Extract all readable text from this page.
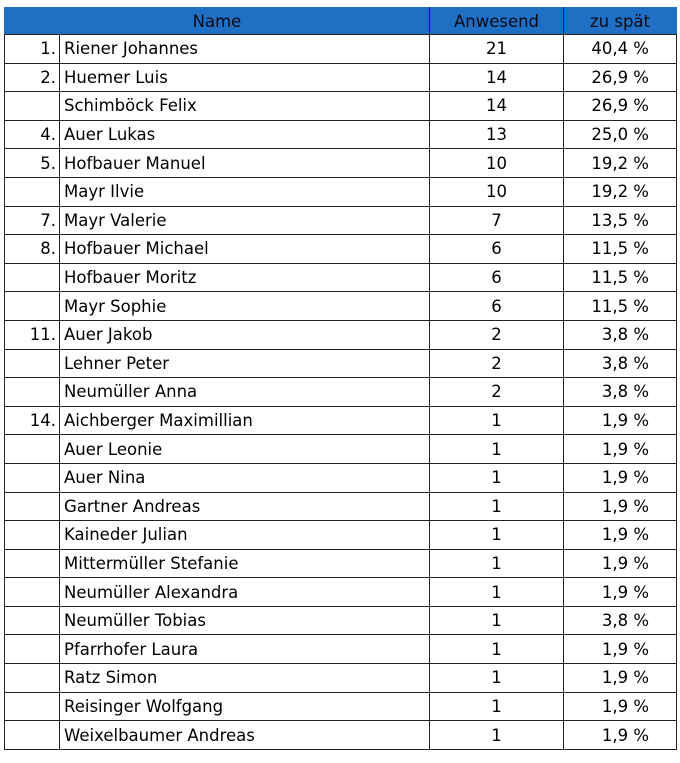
Name		Anwesend	zu spät
1.	Riener Johannes	21	40,4 %
2.	Huemer Luis	14	26,9 %
	Schimböck Felix	14	26,9 %
4.	Auer Lukas	13	25,0 %
5.	Hofbauer Manuel	10	19,2 %
	Mayr Ilvie	10	19,2 %
7.	Mayr Valerie	7	13,5 %
8.	Hofbauer Michael	6	11,5 %
	Hofbauer Moritz	6	11,5 %
	Mayr Sophie	6	11,5 %
11.	Auer Jakob	2	3,8 %
	Lehner Peter	2	3,8 %
	Neumüller Anna	2	3,8 %
14.	Aichberger Maximillian	1	1,9 %
	Auer Leonie	1	1,9 %
	Auer Nina	1	1,9 %
	Gartner Andreas	1	1,9 %
	Kaineder Julian	1	1,9 %
	Mittermüller Stefanie	1	1,9 %
	Neumüller Alexandra	1	1,9 %
	Neumüller Tobias	1	3,8 %
	Pfarrhofer Laura	1	1,9 %
	Ratz Simon	1	1,9 %
	Reisinger Wolfgang	1	1,9 %
	Weixelbaumer Andreas	1	1,9 %
